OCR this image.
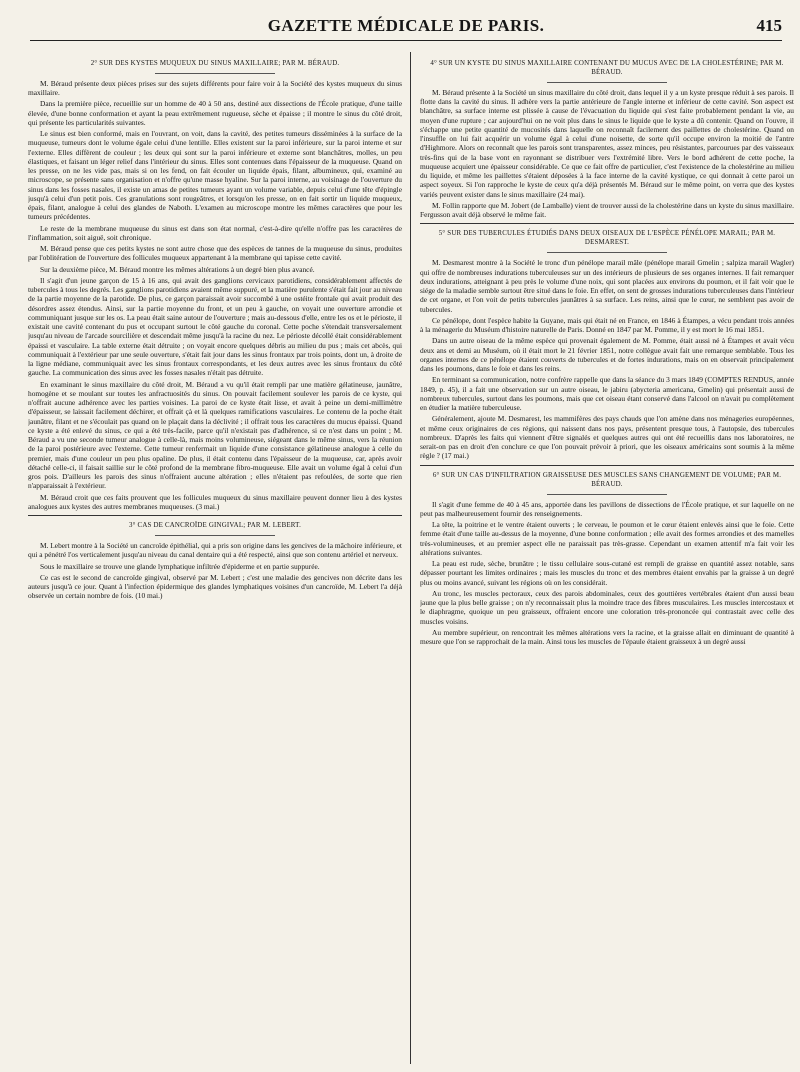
GAZETTE MÉDICALE DE PARIS.	415
2° SUR DES KYSTES MUQUEUX DU SINUS MAXILLAIRE; PAR M. BÉRAUD.

M. Béraud présente deux pièces prises sur des sujets différents pour faire voir à la Société des kystes muqueux du sinus maxillaire.

Dans la première pièce, recueillie sur un homme de 40 à 50 ans, destiné aux dissections de l'École pratique, d'une taille élevée, d'une bonne conformation et ayant la peau extrêmement rugueuse, sèche et épaisse ; il montre le sinus du côté droit, qui présente les particularités suivantes.

Le sinus est bien conformé, mais en l'ouvrant, on voit, dans la cavité, des petites tumeurs disséminées à la surface de la muqueuse, tumeurs dont le volume égale celui d'une lentille. Elles existent sur la paroi inférieure, sur la paroi interne et sur l'externe. Elles diffèrent de couleur ; les deux qui sont sur la paroi inférieure et externe sont blanchâtres, molles, un peu élastiques, et faisant un léger relief dans l'intérieur du sinus. Elles sont contenues dans l'épaisseur de la muqueuse. Quand on les presse, on ne les vide pas, mais si on les fend, on fait écouler un liquide épais, filant, albumineux, qui, examiné au microscope, se présente sans organisation et n'offre qu'une masse hyaline. Sur la paroi interne, au voisinage de l'ouverture du sinus dans les fosses nasales, il existe un amas de petites tumeurs ayant un volume variable, depuis celui d'une tête d'épingle jusqu'à celui d'un petit pois. Ces granulations sont rougeâtres, et lorsqu'on les presse, on en fait sortir un liquide muqueux, épais, filant, analogue à celui des glandes de Naboth. L'examen au microscope montre les mêmes caractères que pour les tumeurs précédentes.

Le reste de la membrane muqueuse du sinus est dans son état normal, c'est-à-dire qu'elle n'offre pas les caractères de l'inflammation, soit aiguë, soit chronique.

M. Béraud pense que ces petits kystes ne sont autre chose que des espèces de tannes de la muqueuse du sinus, produites par l'oblitération de l'ouverture des follicules muqueux appartenant à la membrane qui tapisse cette cavité.

Sur la deuxième pièce, M. Béraud montre les mêmes altérations à un degré bien plus avancé.

Il s'agit d'un jeune garçon de 15 à 16 ans, qui avait des ganglions cervicaux parotidiens, considérablement affectés de tubercules à tous les degrés. Les ganglions parotidiens avaient même suppuré, et la matière purulente s'était fait jour au niveau de la partie moyenne de la parotide. De plus, ce garçon paraissait avoir succombé à une ostéite frontale qui avait produit des désordres assez étendus. Ainsi, sur la partie moyenne du front, et un peu à gauche, on voyait une ouverture arrondie et communiquant jusque sur les os. La peau était saine autour de l'ouverture ; mais au-dessous d'elle, entre les os et le périoste, il existait une cavité contenant du pus et occupant surtout le côté gauche du coronal. Cette poche s'étendait transversalement jusqu'au niveau de l'arcade sourcilière et descendait même jusqu'à la racine du nez. Le périoste décollé était considérablement épaissi et vasculaire. La table externe était détruite ; on voyait encore quelques débris au milieu du pus ; mais cet abcès, qui communiquait à l'extérieur par une seule ouverture, s'était fait jour dans les sinus frontaux par trois points, dont un, à droite de la ligne médiane, communiquait avec les sinus frontaux correspondants, et les deux autres avec les sinus frontaux du côté gauche. La communication des sinus avec les fosses nasales n'était pas détruite.

En examinant le sinus maxillaire du côté droit, M. Béraud a vu qu'il était rempli par une matière gélatineuse, jaunâtre, homogène et se moulant sur toutes les anfractuosités du sinus. On pouvait facilement soulever les parois de ce kyste, qui n'offrait aucune adhérence avec les parties voisines. La paroi de ce kyste était lisse, et avait à peine un demi-millimètre d'épaisseur, se laissait facilement déchirer, et offrait çà et là quelques ramifications vasculaires. Le contenu de la poche était jaunâtre, filant et ne s'écoulait pas quand on le plaçait dans la déclivité ; il offrait tous les caractères du mucus épaissi. Quand ce kyste a été enlevé du sinus, ce qui a été très-facile, parce qu'il n'existait pas d'adhérence, si ce n'est dans un point ; M. Béraud a vu une seconde tumeur analogue à celle-là, mais moins volumineuse, siégeant dans le même sinus, vers la réunion de la paroi postérieure avec l'externe. Cette tumeur renfermait un liquide d'une consistance gélatineuse analogue à celle du premier, mais d'une couleur un peu plus opaline. De plus, il était contenu dans l'épaisseur de la muqueuse, car, après avoir détaché celle-ci, il faisait saillie sur le côté profond de la membrane fibro-muqueuse. Elle avait un volume égal à celui d'un gros pois. D'ailleurs les parois des sinus n'offraient aucune altération ; elles n'étaient pas refoulées, de sorte que rien n'apparaissait à l'extérieur.

M. Béraud croit que ces faits prouvent que les follicules muqueux du sinus maxillaire peuvent donner lieu à des kystes analogues aux kystes des autres membranes muqueuses. (3 mai.)

3° CAS DE CANCROÏDE GINGIVAL; PAR M. LEBERT.

M. Lebert montre à la Société un cancroïde épithélial, qui a pris son origine dans les gencives de la mâchoire inférieure, et qui a pénétré l'os verticalement jusqu'au niveau du canal dentaire qui a été respecté, ainsi que son contenu artériel et nerveux.

Sous le maxillaire se trouve une glande lymphatique infiltrée d'épiderme et en partie suppurée.

Ce cas est le second de cancroïde gingival, observé par M. Lebert ; c'est une maladie des gencives non décrite dans les auteurs jusqu'à ce jour. Quant à l'infection épidermique des glandes lymphatiques voisines d'un cancroïde, M. Lebert l'a déjà observée un certain nombre de fois. (10 mai.)

4° SUR UN KYSTE DU SINUS MAXILLAIRE CONTENANT DU MUCUS AVEC DE LA CHOLESTÉRINE; PAR M. BÉRAUD.

M. Béraud présente à la Société un sinus maxillaire du côté droit, dans lequel il y a un kyste presque réduit à ses parois. Il flotte dans la cavité du sinus. Il adhère vers la partie antérieure de l'angle interne et inférieur de cette cavité. Son aspect est blanchâtre, sa surface interne est plissée à cause de l'évacuation du liquide qui s'est faite probablement pendant la vie, au moyen d'une rupture ; car aujourd'hui on ne voit plus dans le sinus le liquide que le kyste a dû contenir. Quand on l'ouvre, il s'échappe une petite quantité de mucosités dans laquelle on reconnaît facilement des paillettes de cholestérine. Quand on l'insuffle on lui fait acquérir un volume égal à celui d'une noisette, de sorte qu'il occupe environ la moitié de l'antre d'Highmore. Alors on reconnaît que les parois sont transparentes, assez minces, peu résistantes, parcourues par des vaisseaux très-fins qui de la base vont en rayonnant se distribuer vers l'extrémité libre. Vers le bord adhérent de cette poche, la muqueuse acquiert une épaisseur considérable. Ce que ce fait offre de particulier, c'est l'existence de la cholestérine au milieu du liquide, et même les paillettes s'étaient déposées à la face interne de la cavité kystique, ce qui donnait à cette paroi un aspect soyeux. Si l'on rapproche le kyste de ceux qu'a déjà présentés M. Béraud sur le même point, on verra que des kystes variés peuvent exister dans le sinus maxillaire (24 mai).

M. Follin rapporte que M. Jobert (de Lamballe) vient de trouver aussi de la cholestérine dans un kyste du sinus maxillaire. Fergusson avait déjà observé le même fait.

5° SUR DES TUBERCULES ÉTUDIÉS DANS DEUX OISEAUX DE L'ESPÈCE PÉNÉLOPE MARAIL; PAR M. DESMAREST.

M. Desmarest montre à la Société le tronc d'un pénélope marail mâle (pénélope marail Gmelin ; salpiza marail Wagler) qui offre de nombreuses indurations tuberculeuses sur un des intérieurs de plusieurs de ses organes internes. Il fait remarquer deux indurations, atteignant à peu près le volume d'une noix, qui sont placées aux environs du poumon, et il fait voir que le siége de la maladie semble surtout être situé dans le foie. En effet, on sent de grosses indurations tuberculeuses dans l'intérieur de cet organe, et l'on voit de petits tubercules jaunâtres à sa surface. Les reins, ainsi que le cœur, ne semblent pas avoir de tubercules.

Ce pénélope, dont l'espèce habite la Guyane, mais qui était né en France, en 1846 à Étampes, a vécu pendant trois années à la ménagerie du Muséum d'histoire naturelle de Paris. Donné en 1847 par M. Pomme, il y est mort le 16 mai 1851.

Dans un autre oiseau de la même espèce qui provenait également de M. Pomme, était aussi né à Étampes et avait vécu deux ans et demi au Muséum, où il était mort le 21 février 1851, notre collègue avait fait une remarque semblable. Tous les organes internes de ce pénélope étaient couverts de tubercules et de fortes indurations, mais on en observait principalement dans les poumons, dans le foie et dans les reins.

En terminant sa communication, notre confrère rappelle que dans la séance du 3 mars 1849 (COMPTES RENDUS, année 1849, p. 45), il a fait une observation sur un autre oiseau, le jabiru (abycteria americana, Gmelin) qui présentait aussi de nombreux tubercules, surtout dans les poumons, mais que cet oiseau étant conservé dans l'alcool on n'avait pu complètement en étudier la matière tuberculeuse.

Généralement, ajoute M. Desmarest, les mammifères des pays chauds que l'on amène dans nos ménageries européennes, et même ceux originaires de ces régions, qui naissent dans nos pays, présentent presque tous, à l'autopsie, des tubercules nombreux. D'après les faits qui viennent d'être signalés et quelques autres qui ont été recueillis dans nos laboratoires, ne serait-on pas en droit d'en conclure ce que l'on pouvait prévoir à priori, que les oiseaux américains sont soumis à la même règle ? (17 mai.)

6° SUR UN CAS D'INFILTRATION GRAISSEUSE DES MUSCLES SANS CHANGEMENT DE VOLUME; PAR M. BÉRAUD.

Il s'agit d'une femme de 40 à 45 ans, apportée dans les pavillons de dissections de l'École pratique, et sur laquelle on ne peut pas malheureusement fournir des renseignements.

La tête, la poitrine et le ventre étaient ouverts ; le cerveau, le poumon et le cœur étaient enlevés ainsi que le foie. Cette femme était d'une taille au-dessus de la moyenne, d'une bonne conformation ; elle avait des formes arrondies et des mamelles très-volumineuses, et au premier aspect elle ne paraissait pas très-grasse. Cependant un examen attentif m'a fait voir les altérations suivantes.

La peau est rude, sèche, brunâtre ; le tissu cellulaire sous-cutané est rempli de graisse en quantité assez notable, sans dépasser pourtant les limites ordinaires ; mais les muscles du tronc et des membres étaient envahis par la graisse à un degré plus ou moins avancé, suivant les régions où on les considérait.

Au tronc, les muscles pectoraux, ceux des parois abdominales, ceux des gouttières vertébrales étaient d'un aussi beau jaune que la plus belle graisse ; on n'y reconnaissait plus la moindre trace des fibres musculaires. Les muscles intercostaux et le diaphragme, quoique un peu graisseux, offraient encore une coloration très-prononcée qui contrastait avec celle des muscles voisins.

Au membre supérieur, on rencontrait les mêmes altérations vers la racine, et la graisse allait en diminuant de quantité à mesure que l'on se rapprochait de la main. Ainsi tous les muscles de l'épaule étaient graisseux à un degré aussi
